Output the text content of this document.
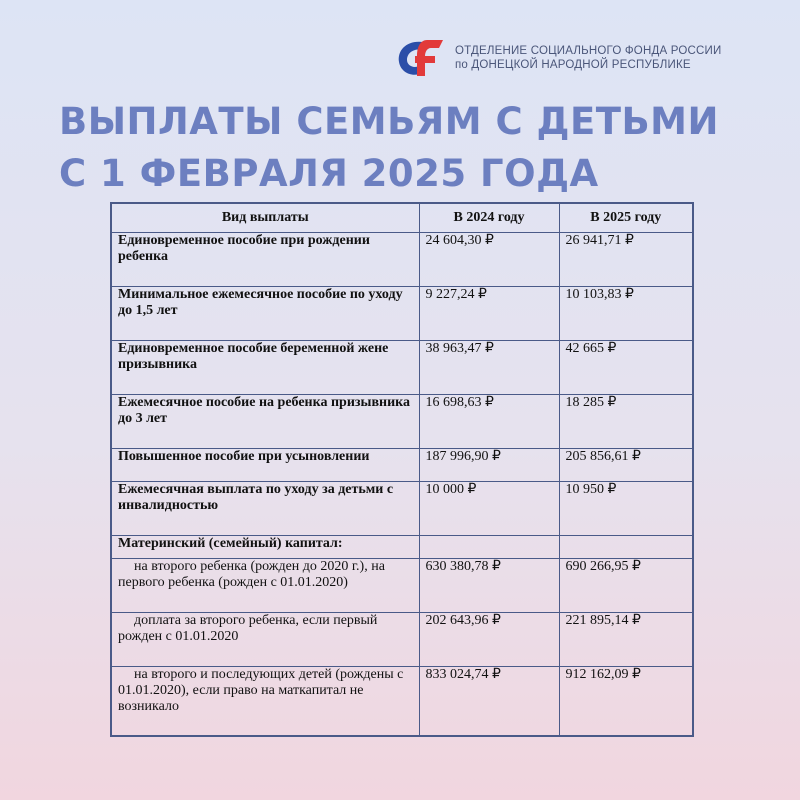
ОТДЕЛЕНИЕ СОЦИАЛЬНОГО ФОНДА РОССИИ
по ДОНЕЦКОЙ НАРОДНОЙ РЕСПУБЛИКЕ
ВЫПЛАТЫ СЕМЬЯМ С ДЕТЬМИ
С 1 ФЕВРАЛЯ 2025 ГОДА
Вид выплаты	В 2024 году	В 2025 году
Единовременное пособие при рождении ребенка	24 604,30 ₽	26 941,71 ₽
Минимальное ежемесячное пособие по уходу до 1,5 лет	9 227,24 ₽	10 103,83 ₽
Единовременное пособие беременной жене призывника	38 963,47 ₽	42 665 ₽
Ежемесячное пособие на ребенка призывника до 3 лет	16 698,63 ₽	18 285 ₽
Повышенное пособие при усыновлении	187 996,90 ₽	205 856,61 ₽
Ежемесячная выплата по уходу за детьми с инвалидностью	10 000 ₽	10 950 ₽
Материнский (семейный) капитал:		
на второго ребенка (рожден до 2020 г.), на первого ребенка (рожден с 01.01.2020)	630 380,78 ₽	690 266,95 ₽
доплата за второго ребенка, если первый рожден с 01.01.2020	202 643,96 ₽	221 895,14 ₽
на второго и последующих детей (рождены с 01.01.2020), если право на маткапитал не возникало	833 024,74 ₽	912 162,09 ₽
